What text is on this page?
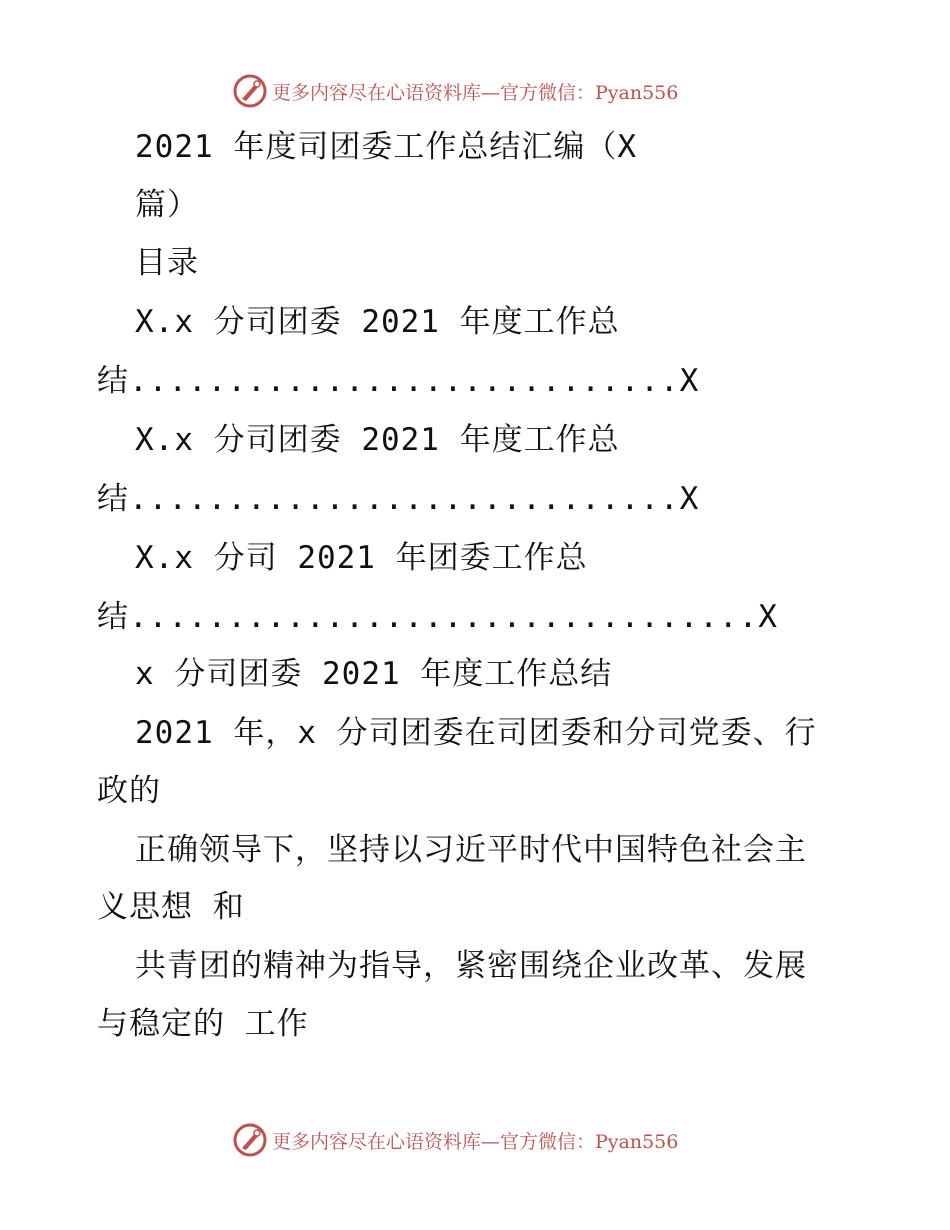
更多内容尽在心语资料库—官方微信：Pyan556
2021 年度司团委工作总结汇编（X
篇）
目录
X.x 分司团委 2021 年度工作总
结............................X
X.x 分司团委 2021 年度工作总
结............................X
X.x 分司 2021 年团委工作总
结................................X
x 分司团委 2021 年度工作总结
2021 年，x 分司团委在司团委和分司党委、行
政的
正确领导下，坚持以习近平时代中国特色社会主
义思想 和
共青团的精神为指导，紧密围绕企业改革、发展
与稳定的 工作
更多内容尽在心语资料库—官方微信：Pyan556
